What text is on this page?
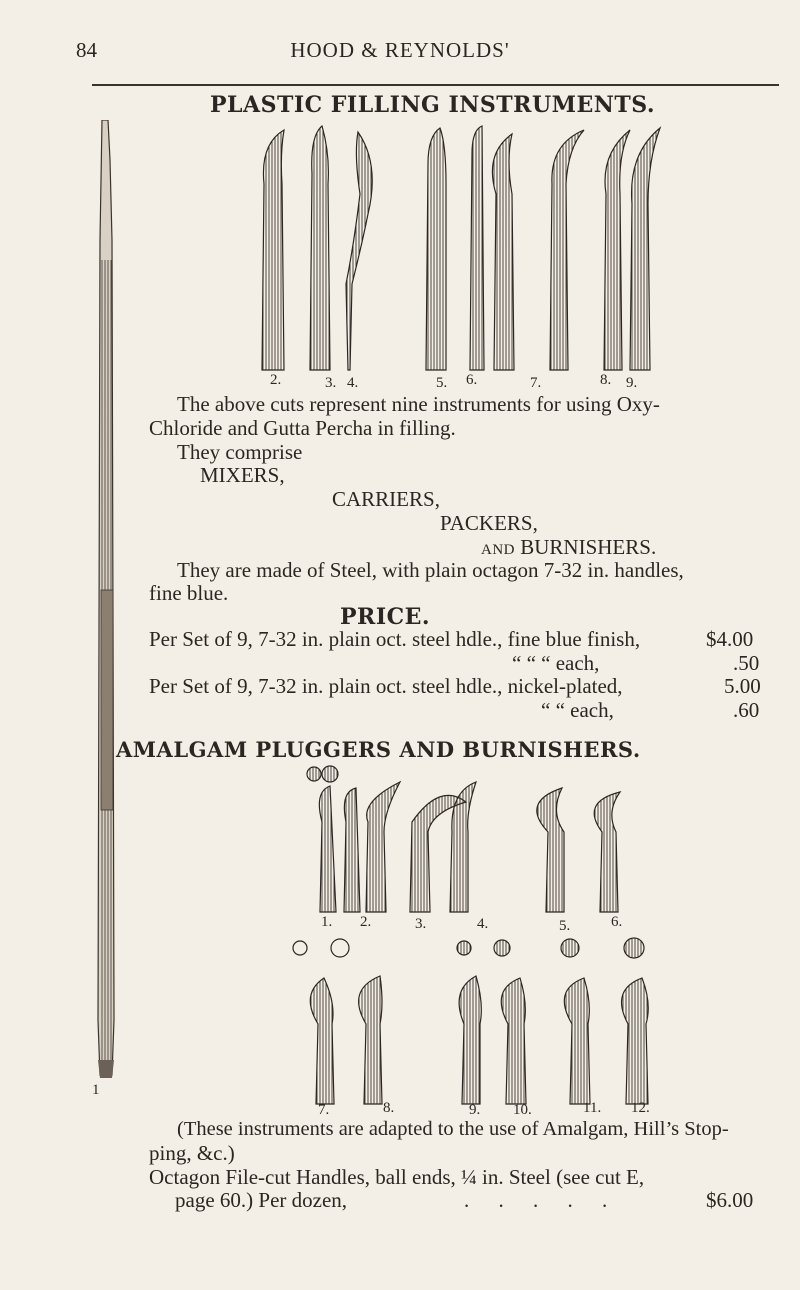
84	HOOD & REYNOLDS'
1
PLASTIC FILLING INSTRUMENTS.
2.	3. 4.	5. 6.	7.	8. 9.
The above cuts represent nine instruments for using Oxy-
Chloride and Gutta Percha in filling.
They comprise
MIXERS,
CARRIERS,
PACKERS,
AND BURNISHERS.
They are made of Steel, with plain octagon 7-32 in. handles,
fine blue.
PRICE.
Per Set of 9, 7-32 in. plain oct. steel hdle., fine blue finish,	$4.00
“ “ “ each,	.50
Per Set of 9, 7-32 in. plain oct. steel hdle., nickel-plated,	5.00
“ “ each,	.60
AMALGAM PLUGGERS AND BURNISHERS.
1. 2.	3.	4.	5.	6.
7.	8.	9. 10.	11. 12.
(These instruments are adapted to the use of Amalgam, Hill’s Stop-
ping, &c.)
Octagon File-cut Handles, ball ends, ¼ in. Steel (see cut E,
page 60.) Per dozen,	. . . . .	$6.00
